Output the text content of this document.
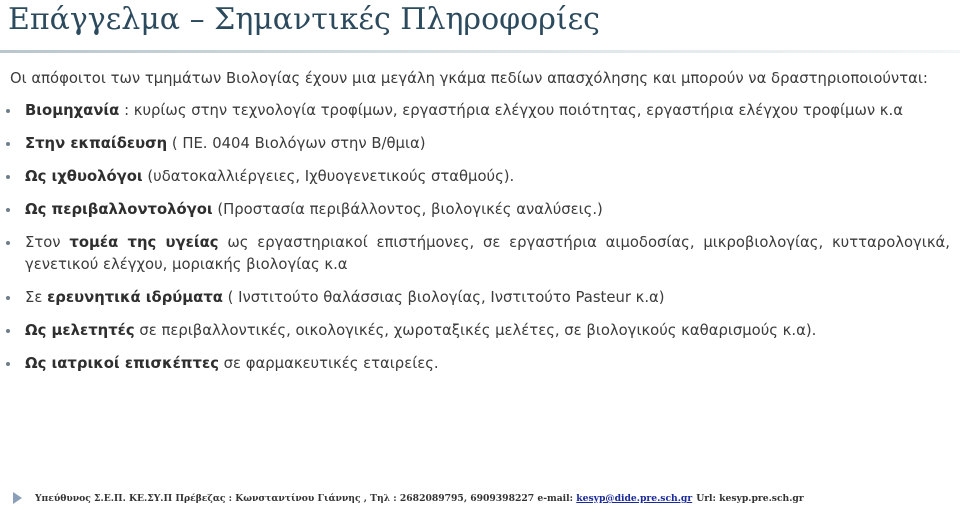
Επάγγελμα – Σημαντικές Πληροφορίες

Οι απόφοιτοι των τμημάτων Βιολογίας έχουν μια μεγάλη γκάμα πεδίων απασχόλησης και μπορούν να δραστηριοποιούνται:

Βιομηχανία : κυρίως στην τεχνολογία τροφίμων, εργαστήρια ελέγχου ποιότητας, εργαστήρια ελέγχου τροφίμων κ.α
Στην εκπαίδευση ( ΠΕ. 0404 Βιολόγων στην Β/θμια)
Ως ιχθυολόγοι (υδατοκαλλιέργειες, Ιχθυογενετικούς σταθμούς).
Ως περιβαλλοντολόγοι (Προστασία περιβάλλοντος, βιολογικές αναλύσεις.)
Στον τομέα της υγείας ως εργαστηριακοί επιστήμονες, σε εργαστήρια αιμοδοσίας, μικροβιολογίας, κυτταρολογικά, γενετικού ελέγχου, μοριακής βιολογίας κ.α
Σε ερευνητικά ιδρύματα ( Ινστιτούτο θαλάσσιας βιολογίας, Ινστιτούτο Pasteur κ.α)
Ως μελετητές σε περιβαλλοντικές, οικολογικές, χωροταξικές μελέτες, σε βιολογικούς καθαρισμούς κ.α).
Ως ιατρικοί επισκέπτες σε φαρμακευτικές εταιρείες.
Υπεύθυνος Σ.Ε.Π. ΚΕ.ΣΥ.Π Πρέβεζας : Κωνσταντίνου Γιάννης , Τηλ : 2682089795, 6909398227 e-mail: kesyp@dide.pre.sch.gr Url: kesyp.pre.sch.gr
